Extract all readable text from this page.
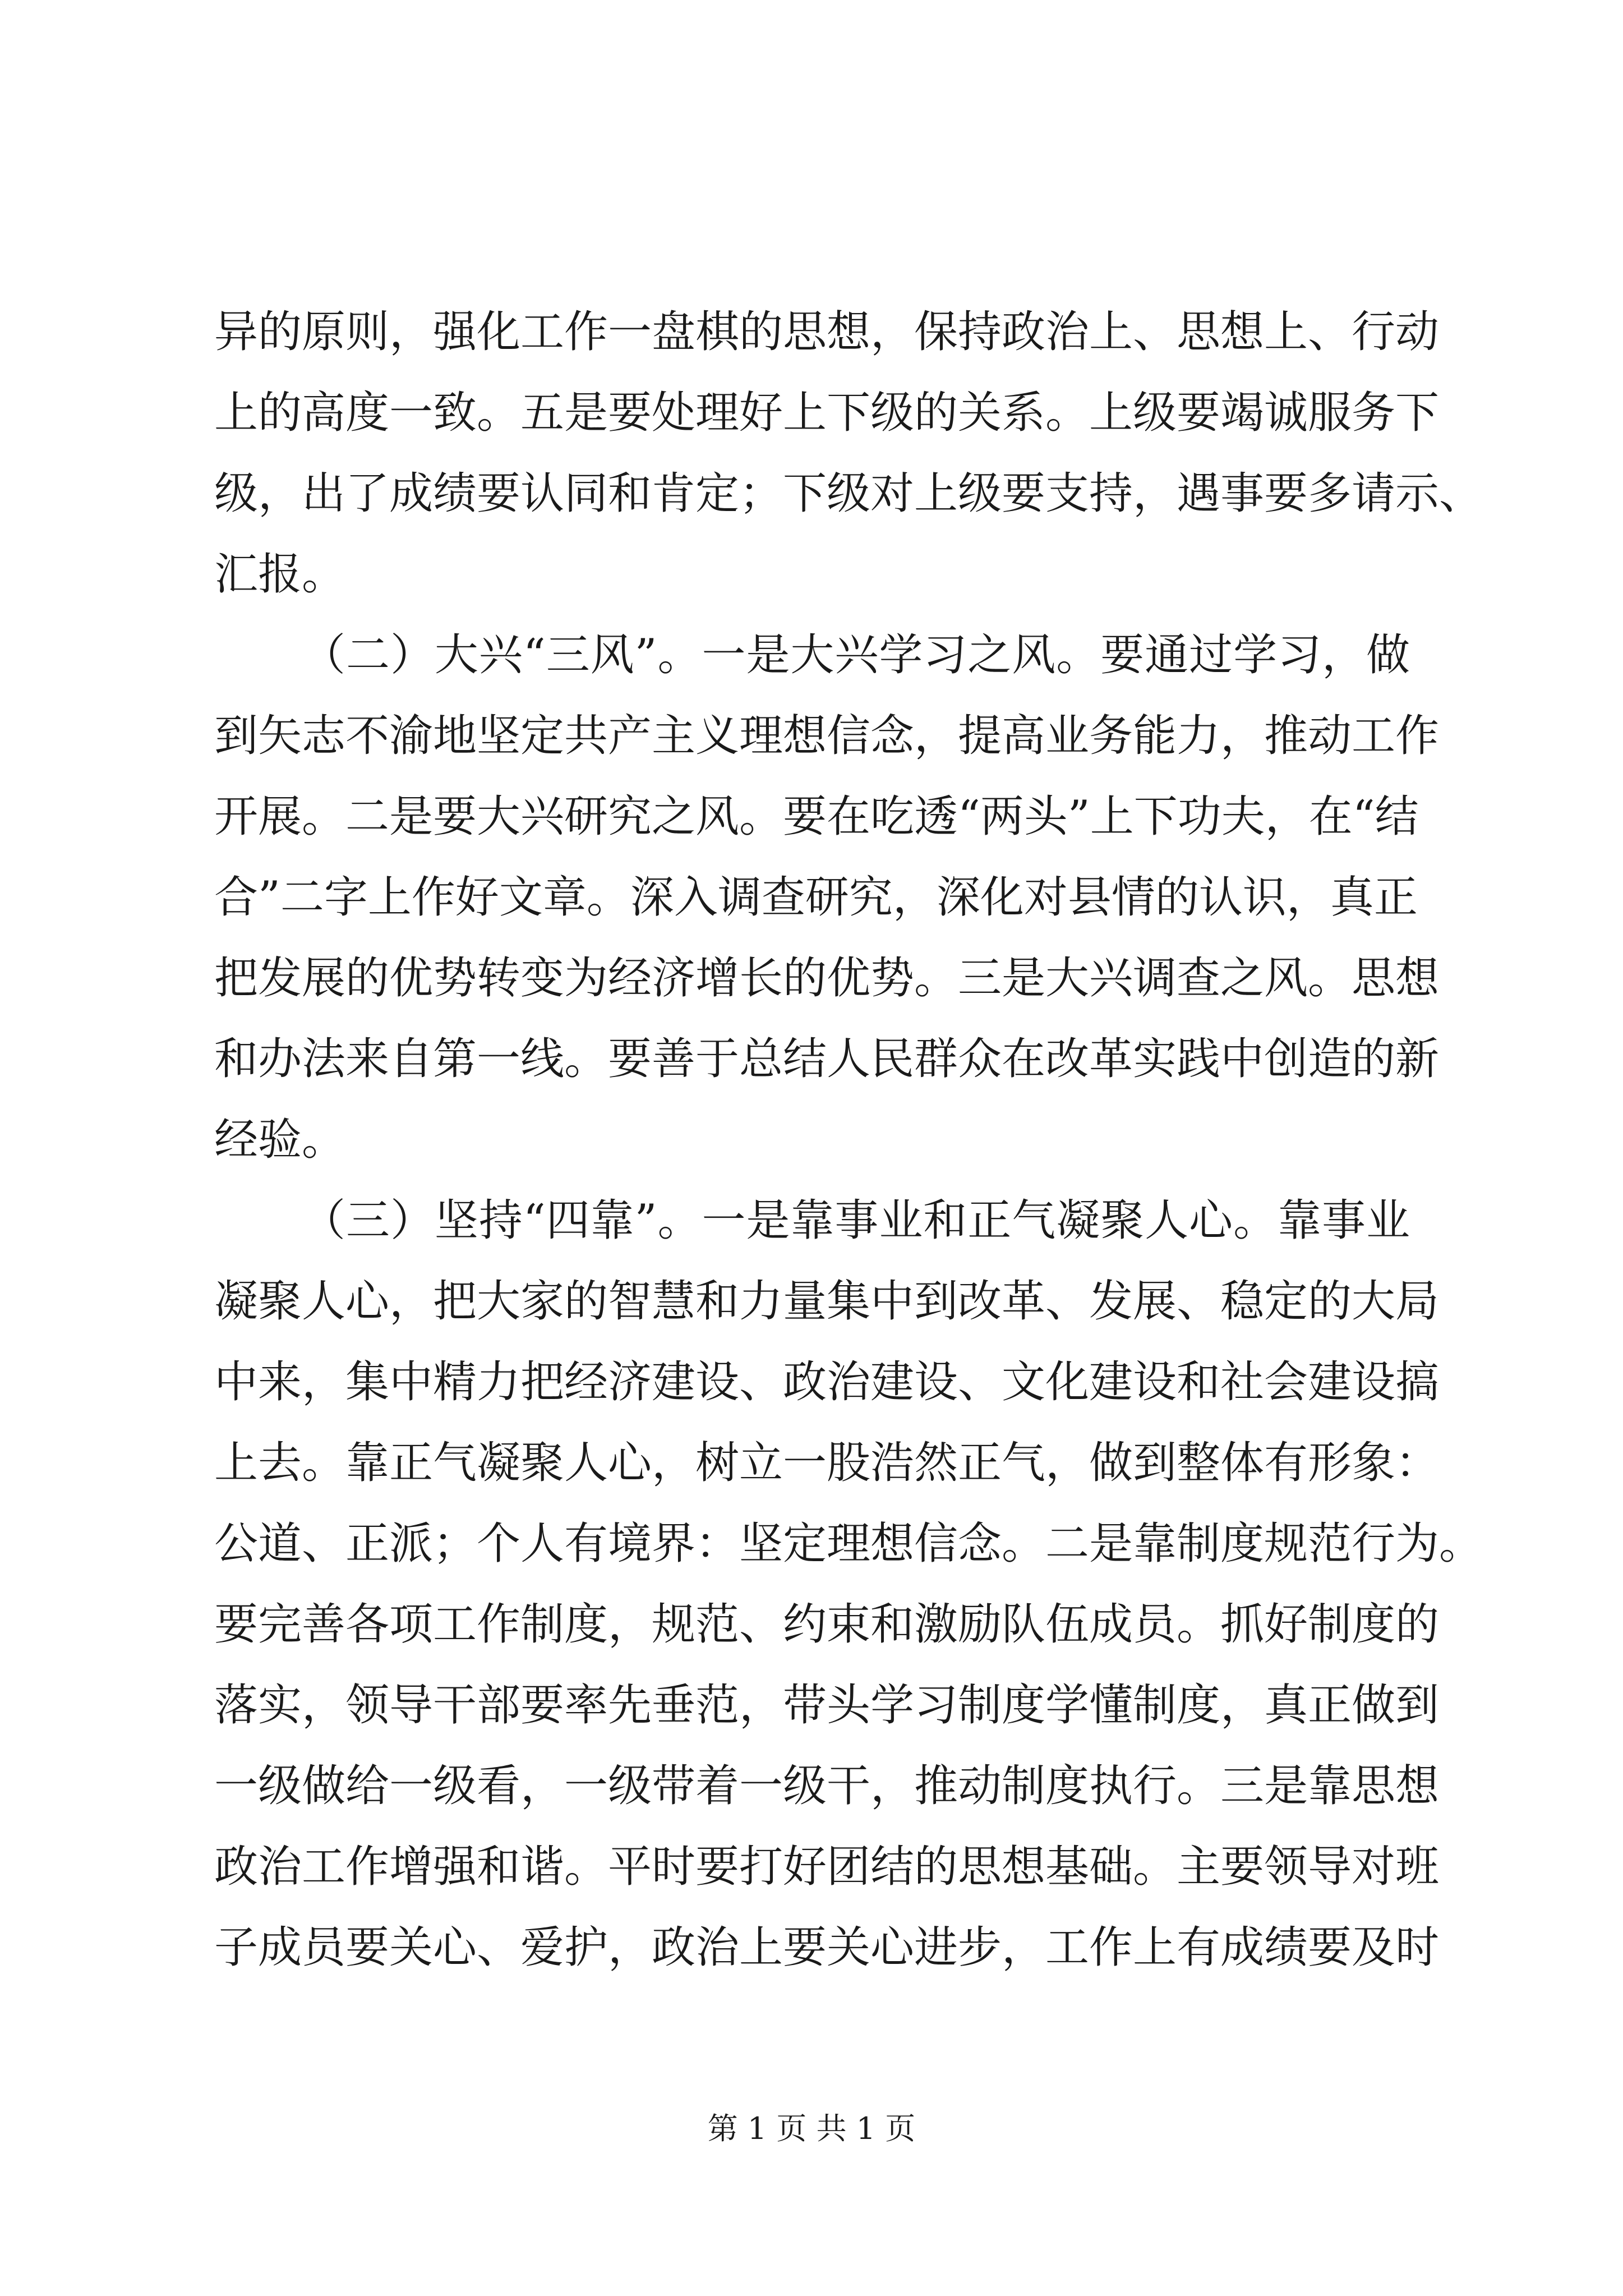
异的原则，强化工作一盘棋的思想，保持政治上、思想上、行动
上的高度一致。五是要处理好上下级的关系。上级要竭诚服务下
级，出了成绩要认同和肯定；下级对上级要支持，遇事要多请示、
汇报。
（二）大兴“三风”。一是大兴学习之风。要通过学习，做
到矢志不渝地坚定共产主义理想信念，提高业务能力，推动工作
开展。二是要大兴研究之风。要在吃透“两头”上下功夫，在“结
合”二字上作好文章。深入调查研究，深化对县情的认识，真正
把发展的优势转变为经济增长的优势。三是大兴调查之风。思想
和办法来自第一线。要善于总结人民群众在改革实践中创造的新
经验。
（三）坚持“四靠”。一是靠事业和正气凝聚人心。靠事业
凝聚人心，把大家的智慧和力量集中到改革、发展、稳定的大局
中来，集中精力把经济建设、政治建设、文化建设和社会建设搞
上去。靠正气凝聚人心，树立一股浩然正气，做到整体有形象：
公道、正派；个人有境界：坚定理想信念。二是靠制度规范行为。
要完善各项工作制度，规范、约束和激励队伍成员。抓好制度的
落实，领导干部要率先垂范，带头学习制度学懂制度，真正做到
一级做给一级看，一级带着一级干，推动制度执行。三是靠思想
政治工作增强和谐。平时要打好团结的思想基础。主要领导对班
子成员要关心、爱护，政治上要关心进步，工作上有成绩要及时
第 1 页 共 1 页
